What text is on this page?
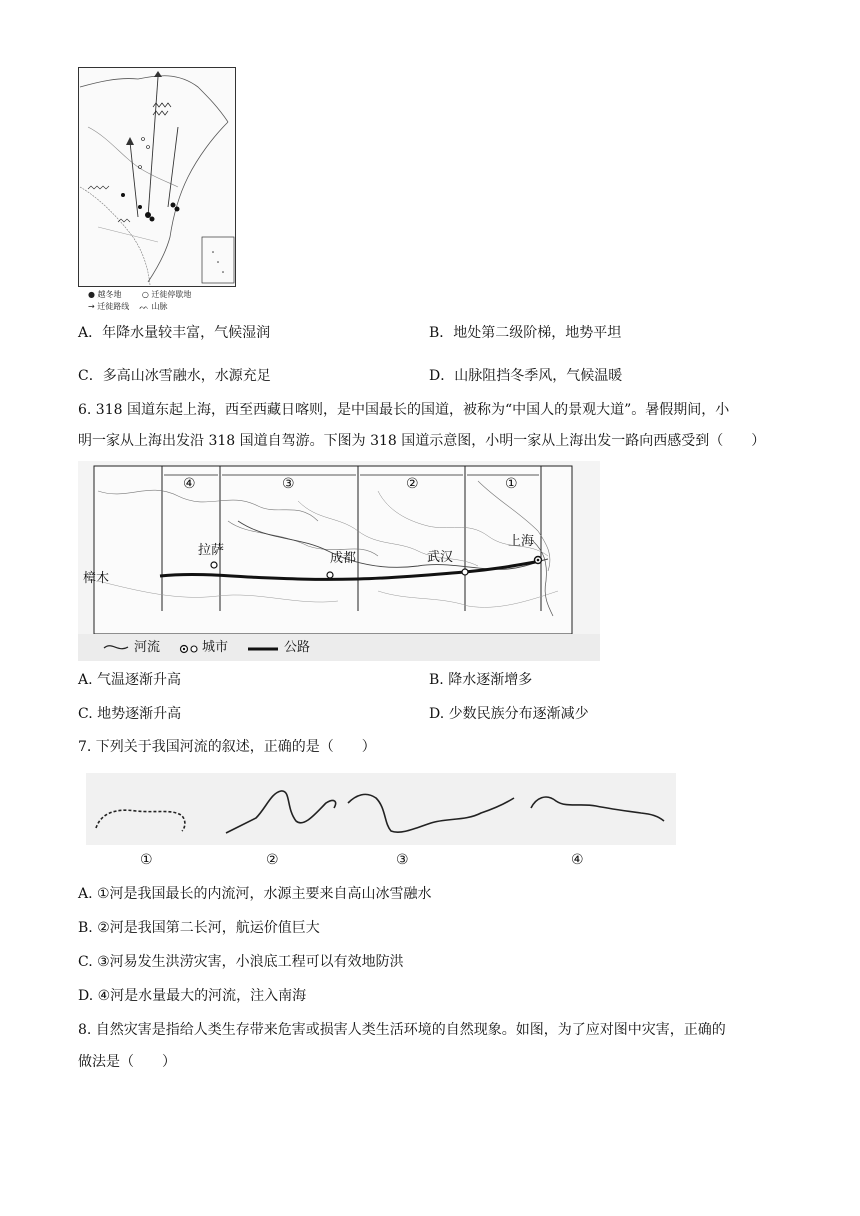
● 越冬地	○ 迁徙停歇地
→ 迁徙路线 ᨓ 山脉
A．年降水量较丰富，气候湿润	B．地处第二级阶梯，地势平坦
C．多高山冰雪融水，水源充足	D．山脉阻挡冬季风，气候温暖
6. 318 国道东起上海，西至西藏日喀则，是中国最长的国道，被称为“中国人的景观大道”。暑假期间，小
明一家从上海出发沿 318 国道自驾游。下图为 318 国道示意图，小明一家从上海出发一路向西感受到（　　）
④	③	②	①
拉萨
成都	武汉
上海
樟木
河流	城市	公路
A. 气温逐渐升高	B. 降水逐渐增多
C. 地势逐渐升高	D. 少数民族分布逐渐减少
7. 下列关于我国河流的叙述，正确的是（　　）
①	②	③	④
A. ①河是我国最长的内流河，水源主要来自高山冰雪融水
B. ②河是我国第二长河，航运价值巨大
C. ③河易发生洪涝灾害，小浪底工程可以有效地防洪
D. ④河是水量最大的河流，注入南海
8. 自然灾害是指给人类生存带来危害或损害人类生活环境的自然现象。如图，为了应对图中灾害，正确的
做法是（　　）
